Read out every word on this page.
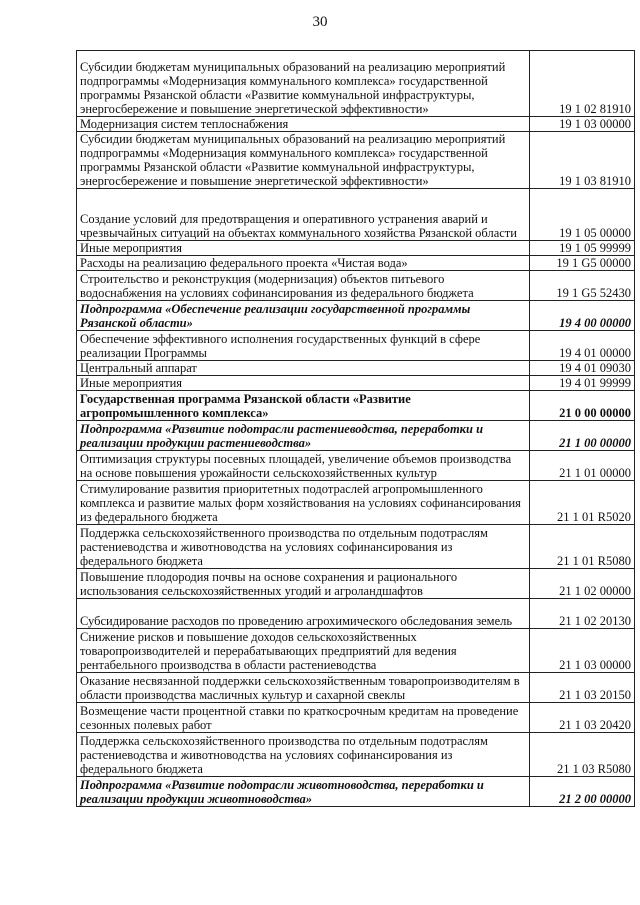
30
Субсидии бюджетам муниципальных образований на реализацию мероприятий подпрограммы «Модернизация коммунального комплекса» государственной программы Рязанской области «Развитие коммунальной инфраструктуры, энергосбережение и повышение энергетической эффективности»	19 1 02 81910
Модернизация систем теплоснабжения	19 1 03 00000
Субсидии бюджетам муниципальных образований на реализацию мероприятий подпрограммы «Модернизация коммунального комплекса» государственной программы Рязанской области «Развитие коммунальной инфраструктуры, энергосбережение и повышение энергетической эффективности»	19 1 03 81910
Создание условий для предотвращения и оперативного устранения аварий и чрезвычайных ситуаций на объектах коммунального хозяйства Рязанской области	19 1 05 00000
Иные мероприятия	19 1 05 99999
Расходы на реализацию федерального проекта «Чистая вода»	19 1 G5 00000
Строительство и реконструкция (модернизация) объектов питьевого водоснабжения на условиях софинансирования из федерального бюджета	19 1 G5 52430
Подпрограмма «Обеспечение реализации государственной программы Рязанской области»	19 4 00 00000
Обеспечение эффективного исполнения государственных функций в сфере реализации Программы	19 4 01 00000
Центральный аппарат	19 4 01 09030
Иные мероприятия	19 4 01 99999
Государственная программа Рязанской области «Развитие агропромышленного комплекса»	21 0 00 00000
Подпрограмма «Развитие подотрасли растениеводства, переработки и реализации продукции растениеводства»	21 1 00 00000
Оптимизация структуры посевных площадей, увеличение объемов производства на основе повышения урожайности сельскохозяйственных культур	21 1 01 00000
Стимулирование развития приоритетных подотраслей агропромышленного комплекса и развитие малых форм хозяйствования на условиях софинансирования из федерального бюджета	21 1 01 R5020
Поддержка сельскохозяйственного производства по отдельным подотраслям растениеводства и животноводства на условиях софинансирования из федерального бюджета	21 1 01 R5080
Повышение плодородия почвы на основе сохранения и рационального использования сельскохозяйственных угодий и агроландшафтов	21 1 02 00000
Субсидирование расходов по проведению агрохимического обследования земель	21 1 02 20130
Снижение рисков и повышение доходов сельскохозяйственных товаропроизводителей и перерабатывающих предприятий для ведения рентабельного производства в области растениеводства	21 1 03 00000
Оказание несвязанной поддержки сельскохозяйственным товаропроизводителям в области производства масличных культур и сахарной свеклы	21 1 03 20150
Возмещение части процентной ставки по краткосрочным кредитам на проведение сезонных полевых работ	21 1 03 20420
Поддержка сельскохозяйственного производства по отдельным подотраслям растениеводства и животноводства на условиях софинансирования из федерального бюджета	21 1 03 R5080
Подпрограмма «Развитие подотрасли животноводства, переработки и реализации продукции животноводства»	21 2 00 00000
